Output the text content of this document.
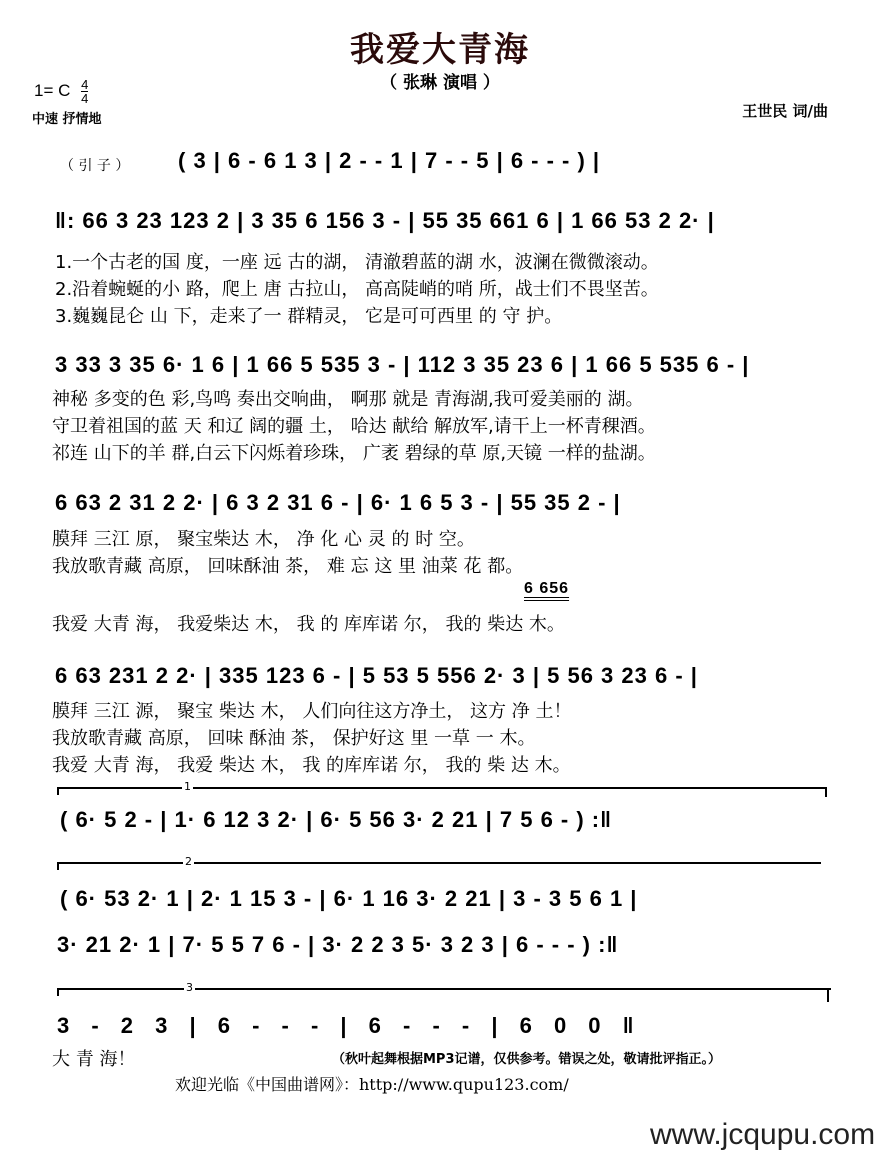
我爱大青海
（ 张琳 演唱 ）
1= C $\frac{4}{4}$
中速 抒情地	王世民 词/曲
（ 引 子 ） ( 3 | 6 - 6 1 3 | 2 - - 1 | 7 - - 5 | 6 - - - ) |
‖: 66 3 23 123 2 | 3 35 6 156 3 - | 55 35 661 6 | 1 66 53 2 2· |
1.一个古老的国 度，一座 远 古的湖， 清澈碧蓝的湖 水，波澜在微微滚动。
2.沿着蜿蜒的小 路，爬上 唐 古拉山， 高高陡峭的哨 所，战士们不畏坚苦。
3.巍巍昆仑 山 下，走来了一 群精灵， 它是可可西里 的 守 护。
3 33 3 35 6· 1 6 | 1 66 5 535 3 - | 112 3 35 23 6 | 1 66 5 535 6 - |
神秘 多变的色 彩,鸟鸣 奏出交响曲， 啊那 就是 青海湖,我可爱美丽的 湖。
守卫着祖国的蓝 天 和辽 阔的疆 土， 哈达 献给 解放军,请干上一杯青稞酒。
祁连 山下的羊 群,白云下闪烁着珍珠， 广袤 碧绿的草 原,天镜 一样的盐湖。
6 63 2 31 2 2· | 6 3 2 31 6 - | 6· 1 6 5 3 - | 55 35 2 - |
膜拜 三江 原， 聚宝柴达 木， 净 化 心 灵 的 时 空。
我放歌青藏 高原， 回味酥油 茶， 难 忘 这 里 油菜 花 都。
6 656
我爱 大青 海， 我爱柴达 木， 我 的 库库诺 尔， 我的 柴达 木。
6 63 231 2 2· | 335 123 6 - | 5 53 5 556 2· 3 | 5 56 3 23 6 - |
膜拜 三江 源， 聚宝 柴达 木， 人们向往这方净土， 这方 净 土！
我放歌青藏 高原， 回味 酥油 茶， 保护好这 里 一草 一 木。
我爱 大青 海， 我爱 柴达 木， 我 的库库诺 尔， 我的 柴 达 木。
1
( 6· 5 2 - | 1· 6 12 3 2· | 6· 5 56 3· 2 21 | 7 5 6 - ) :‖
2
( 6· 53 2· 1 | 2· 1 15 3 - | 6· 1 16 3· 2 21 | 3 - 3 5 6 1 |
3· 21 2· 1 | 7· 5 5 7 6 - | 3· 2 2 3 5· 3 2 3 | 6 - - - ) :‖
3
3 - 2 3 | 6 - - - | 6 - - - | 6 0 0 ‖
大 青 海！	（秋叶起舞根据MP3记谱，仅供参考。错误之处，敬请批评指正。）
欢迎光临《中国曲谱网》：http://www.qupu123.com/
www.jcqupu.com
